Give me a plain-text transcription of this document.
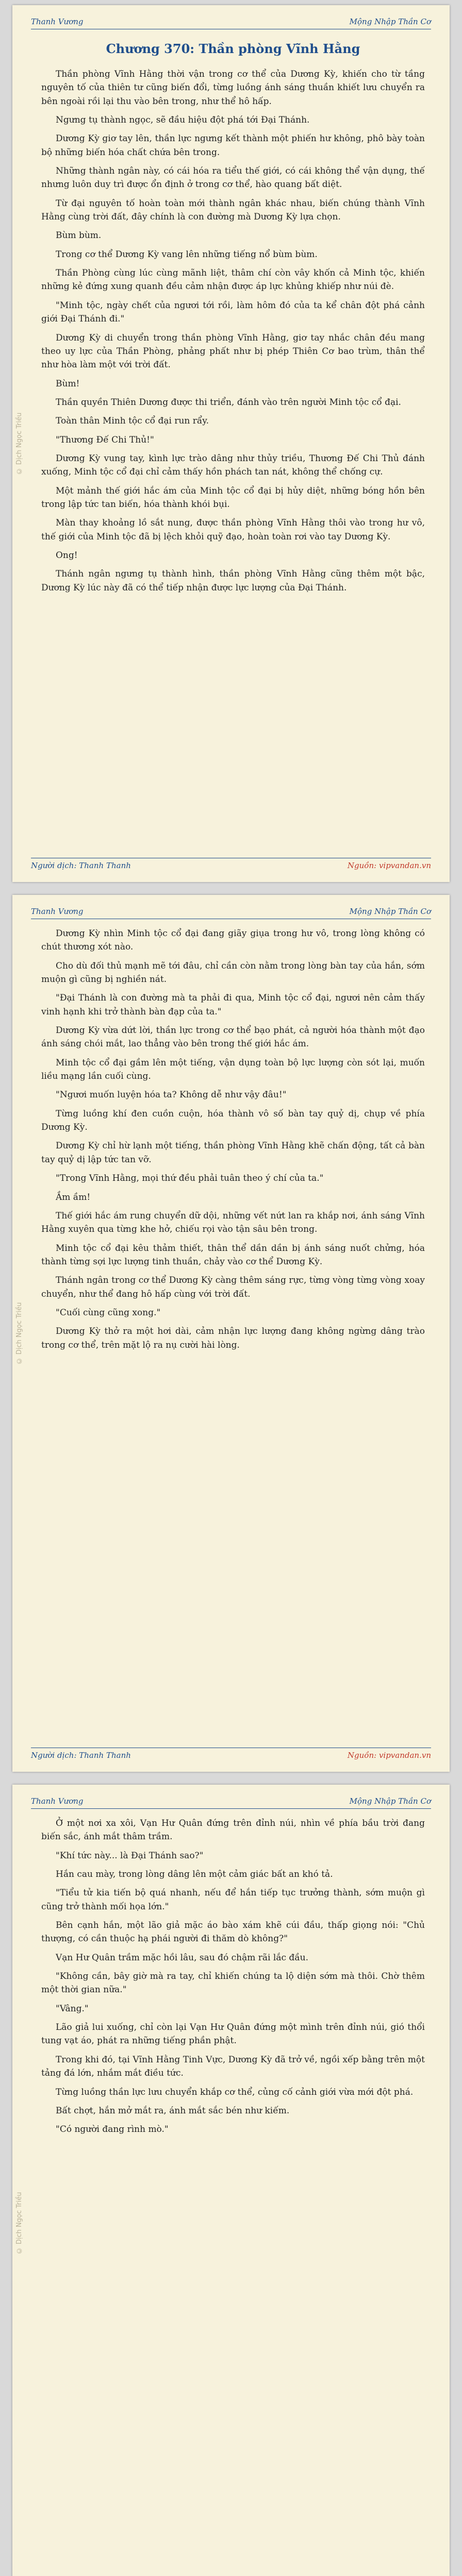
Thanh Vương	Mộng Nhập Thần Cơ
© Dịch Ngọc Triều
Chương 370: Thần phòng Vĩnh Hằng

Thần phòng Vĩnh Hằng thời vận trong cơ thể của Dương Kỳ, khiến cho từ tầng nguyên tố của thiên tư cũng biến đổi, từng luồng ánh sáng thuần khiết lưu chuyển ra bên ngoài rồi lại thu vào bên trong, như thể hô hấp.

Ngưng tụ thành ngọc, sẽ đầu hiệu đột phá tới Đại Thánh.

Dương Kỳ giơ tay lên, thần lực ngưng kết thành một phiến hư không, phô bày toàn bộ những biến hóa chất chứa bên trong.

Những thành ngân này, có cái hóa ra tiểu thế giới, có cái không thể vận dụng, thế nhưng luôn duy trì được ổn định ở trong cơ thể, hào quang bất diệt.

Từ đại nguyên tố hoàn toàn mới thành ngân khác nhau, biến chúng thành Vĩnh Hằng cùng trời đất, đây chính là con đường mà Dương Kỳ lựa chọn.

Bùm bùm.

Trong cơ thể Dương Kỳ vang lên những tiếng nổ bùm bùm.

Thần Phòng cùng lúc cùng mãnh liệt, thâm chí còn vây khốn cả Minh tộc, khiến những kẻ đứng xung quanh đều cảm nhận được áp lực khủng khiếp như núi đè.

"Minh tộc, ngày chết của ngươi tới rồi, làm hôm đó của ta kể chân đột phá cảnh giới Đại Thánh đi."

Dương Kỳ di chuyển trong thần phòng Vĩnh Hằng, giơ tay nhắc chân đều mang theo uy lực của Thần Phòng, phảng phất như bị phép Thiên Cơ bao trùm, thân thể như hòa làm một với trời đất.

Bùm!

Thần quyền Thiên Dương được thi triển, đánh vào trên người Minh tộc cổ đại.

Toàn thân Minh tộc cổ đại run rẩy.

"Thương Đế Chi Thủ!"

Dương Kỳ vung tay, kình lực trào dâng như thủy triều, Thương Đế Chi Thủ đánh xuống, Minh tộc cổ đại chỉ cảm thấy hồn phách tan nát, không thể chống cự.

Một mảnh thế giới hắc ám của Minh tộc cổ đại bị hủy diệt, những bóng hồn bên trong lập tức tan biến, hóa thành khói bụi.

Màn thay khoảng lồ sắt nung, được thần phòng Vĩnh Hằng thôi vào trong hư vô, thế giới của Minh tộc đã bị lệch khỏi quỹ đạo, hoàn toàn rơi vào tay Dương Kỳ.

Ong!

Thánh ngân ngưng tụ thành hình, thần phòng Vĩnh Hằng cũng thêm một bậc, Dương Kỳ lúc này đã có thể tiếp nhận được lực lượng của Đại Thánh.

Người dịch: Thanh Thanh	Nguồn: vipvandan.vn
Thanh Vương	Mộng Nhập Thần Cơ
© Dịch Ngọc Triều

Dương Kỳ nhìn Minh tộc cổ đại đang giãy giụa trong hư vô, trong lòng không có chút thương xót nào.

Cho dù đối thủ mạnh mẽ tới đâu, chỉ cần còn nằm trong lòng bàn tay của hắn, sớm muộn gì cũng bị nghiền nát.

"Đại Thánh là con đường mà ta phải đi qua, Minh tộc cổ đại, ngươi nên cảm thấy vinh hạnh khi trở thành bàn đạp của ta."

Dương Kỳ vừa dứt lời, thần lực trong cơ thể bạo phát, cả người hóa thành một đạo ánh sáng chói mắt, lao thẳng vào bên trong thế giới hắc ám.

Minh tộc cổ đại gầm lên một tiếng, vận dụng toàn bộ lực lượng còn sót lại, muốn liều mạng lần cuối cùng.

"Ngươi muốn luyện hóa ta? Không dễ như vậy đâu!"

Từng luồng khí đen cuồn cuộn, hóa thành vô số bàn tay quỷ dị, chụp về phía Dương Kỳ.

Dương Kỳ chỉ hừ lạnh một tiếng, thần phòng Vĩnh Hằng khẽ chấn động, tất cả bàn tay quỷ dị lập tức tan vỡ.

"Trong Vĩnh Hằng, mọi thứ đều phải tuân theo ý chí của ta."

Ầm ầm!

Thế giới hắc ám rung chuyển dữ dội, những vết nứt lan ra khắp nơi, ánh sáng Vĩnh Hằng xuyên qua từng khe hở, chiếu rọi vào tận sâu bên trong.

Minh tộc cổ đại kêu thảm thiết, thân thể dần dần bị ánh sáng nuốt chửng, hóa thành từng sợi lực lượng tinh thuần, chảy vào cơ thể Dương Kỳ.

Thánh ngân trong cơ thể Dương Kỳ càng thêm sáng rực, từng vòng từng vòng xoay chuyển, như thể đang hô hấp cùng với trời đất.

"Cuối cùng cũng xong."

Dương Kỳ thở ra một hơi dài, cảm nhận lực lượng đang không ngừng dâng trào trong cơ thể, trên mặt lộ ra nụ cười hài lòng.

Người dịch: Thanh Thanh	Nguồn: vipvandan.vn
Thanh Vương	Mộng Nhập Thần Cơ
© Dịch Ngọc Triều

Ở một nơi xa xôi, Vạn Hư Quân đứng trên đỉnh núi, nhìn về phía bầu trời đang biến sắc, ánh mắt thâm trầm.

"Khí tức này... là Đại Thánh sao?"

Hắn cau mày, trong lòng dâng lên một cảm giác bất an khó tả.

"Tiểu tử kia tiến bộ quá nhanh, nếu để hắn tiếp tục trưởng thành, sớm muộn gì cũng trở thành mối họa lớn."

Bên cạnh hắn, một lão giả mặc áo bào xám khẽ cúi đầu, thấp giọng nói: "Chủ thượng, có cần thuộc hạ phái người đi thăm dò không?"

Vạn Hư Quân trầm mặc hồi lâu, sau đó chậm rãi lắc đầu.

"Không cần, bây giờ mà ra tay, chỉ khiến chúng ta lộ diện sớm mà thôi. Chờ thêm một thời gian nữa."

"Vâng."

Lão giả lui xuống, chỉ còn lại Vạn Hư Quân đứng một mình trên đỉnh núi, gió thổi tung vạt áo, phát ra những tiếng phần phật.

Trong khi đó, tại Vĩnh Hằng Tinh Vực, Dương Kỳ đã trở về, ngồi xếp bằng trên một tảng đá lớn, nhắm mắt điều tức.

Từng luồng thần lực lưu chuyển khắp cơ thể, củng cố cảnh giới vừa mới đột phá.

Bất chợt, hắn mở mắt ra, ánh mắt sắc bén như kiếm.

"Có người đang rình mò."
